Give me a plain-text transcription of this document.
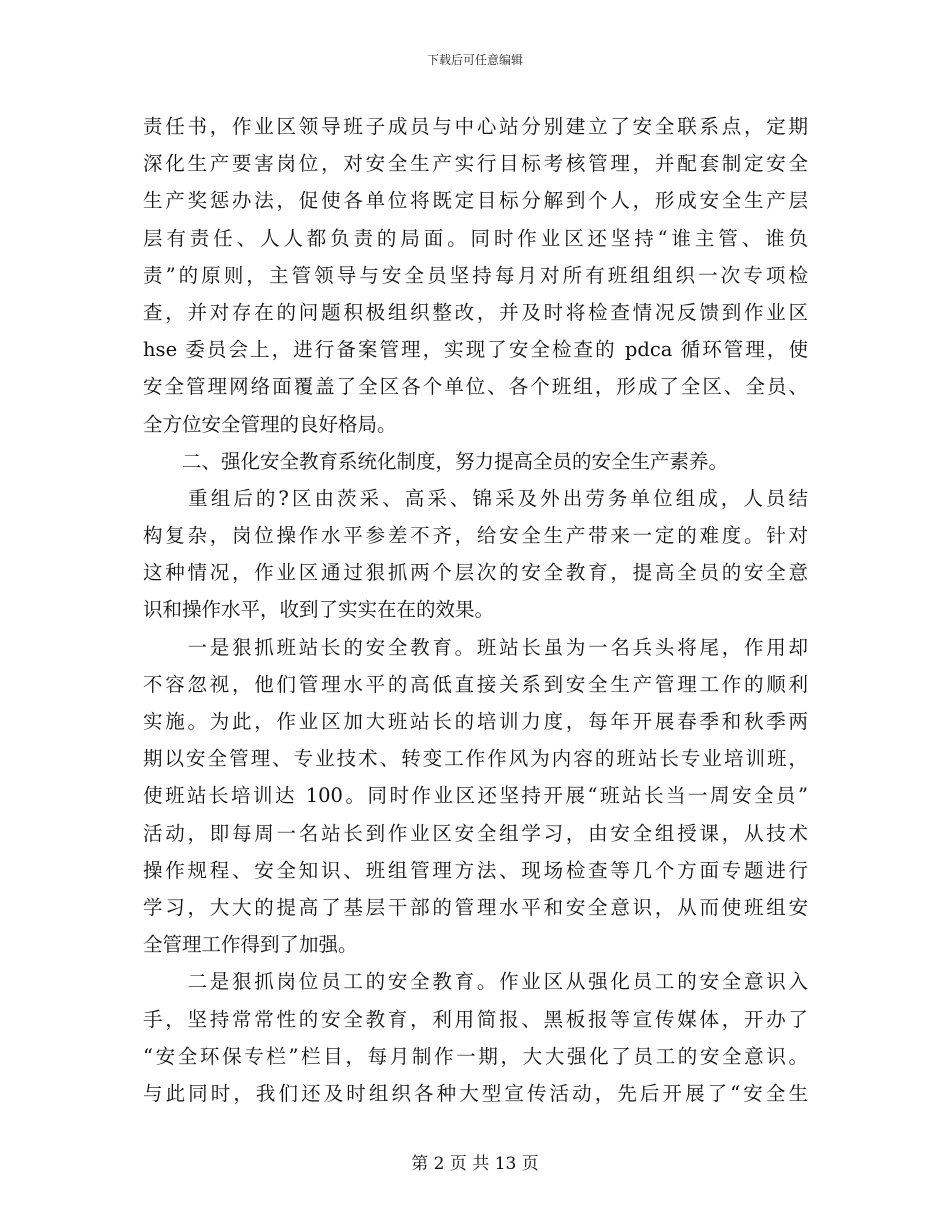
下载后可任意编辑
责任书，作业区领导班子成员与中心站分别建立了安全联系点，定期
深化生产要害岗位，对安全生产实行目标考核管理，并配套制定安全
生产奖惩办法，促使各单位将既定目标分解到个人，形成安全生产层
层有责任、人人都负责的局面。同时作业区还坚持“谁主管、谁负
责”的原则，主管领导与安全员坚持每月对所有班组组织一次专项检
查，并对存在的问题积极组织整改，并及时将检查情况反馈到作业区
hse 委员会上，进行备案管理，实现了安全检查的 pdca 循环管理，使
安全管理网络面覆盖了全区各个单位、各个班组，形成了全区、全员、
全方位安全管理的良好格局。
　　二、强化安全教育系统化制度，努力提高全员的安全生产素养。
　　重组后的?区由茨采、高采、锦采及外出劳务单位组成，人员结
构复杂，岗位操作水平参差不齐，给安全生产带来一定的难度。针对
这种情况，作业区通过狠抓两个层次的安全教育，提高全员的安全意
识和操作水平，收到了实实在在的效果。
　　一是狠抓班站长的安全教育。班站长虽为一名兵头将尾，作用却
不容忽视，他们管理水平的高低直接关系到安全生产管理工作的顺利
实施。为此，作业区加大班站长的培训力度，每年开展春季和秋季两
期以安全管理、专业技术、转变工作作风为内容的班站长专业培训班，
使班站长培训达 100。同时作业区还坚持开展“班站长当一周安全员”
活动，即每周一名站长到作业区安全组学习，由安全组授课，从技术
操作规程、安全知识、班组管理方法、现场检查等几个方面专题进行
学习，大大的提高了基层干部的管理水平和安全意识，从而使班组安
全管理工作得到了加强。
　　二是狠抓岗位员工的安全教育。作业区从强化员工的安全意识入
手，坚持常常性的安全教育，利用简报、黑板报等宣传媒体，开办了
“安全环保专栏”栏目，每月制作一期，大大强化了员工的安全意识。
与此同时，我们还及时组织各种大型宣传活动，先后开展了“安全生
第 2 页 共 13 页
